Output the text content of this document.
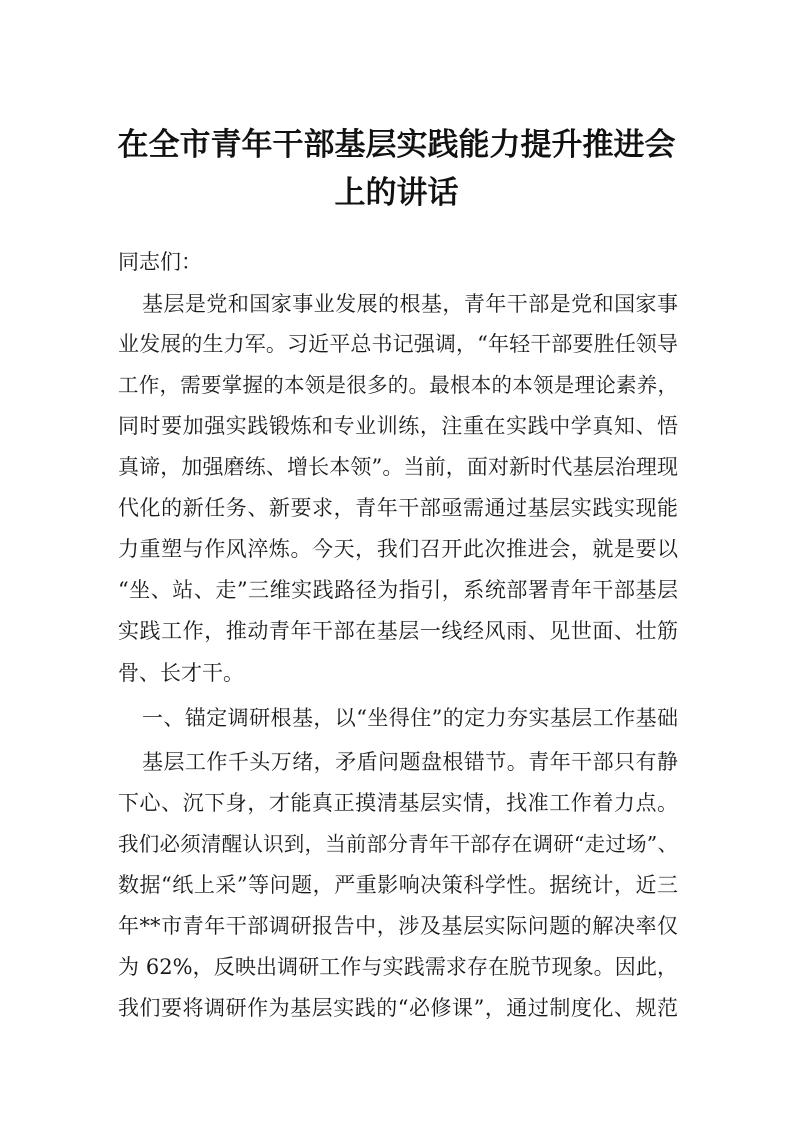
在全市青年干部基层实践能力提升推进会
上的讲话

同志们：

基层是党和国家事业发展的根基，青年干部是党和国家事

业发展的生力军。习近平总书记强调，“年轻干部要胜任领导

工作，需要掌握的本领是很多的。最根本的本领是理论素养，

同时要加强实践锻炼和专业训练，注重在实践中学真知、悟

真谛，加强磨练、增长本领”。当前，面对新时代基层治理现

代化的新任务、新要求，青年干部亟需通过基层实践实现能

力重塑与作风淬炼。今天，我们召开此次推进会，就是要以

“坐、站、走”三维实践路径为指引，系统部署青年干部基层

实践工作，推动青年干部在基层一线经风雨、见世面、壮筋

骨、长才干。

一、锚定调研根基，以“坐得住”的定力夯实基层工作基础

基层工作千头万绪，矛盾问题盘根错节。青年干部只有静

下心、沉下身，才能真正摸清基层实情，找准工作着力点。

我们必须清醒认识到，当前部分青年干部存在调研“走过场”、

数据“纸上采”等问题，严重影响决策科学性。据统计，近三

年**市青年干部调研报告中，涉及基层实际问题的解决率仅

为 62%，反映出调研工作与实践需求存在脱节现象。因此，

我们要将调研作为基层实践的“必修课”，通过制度化、规范
